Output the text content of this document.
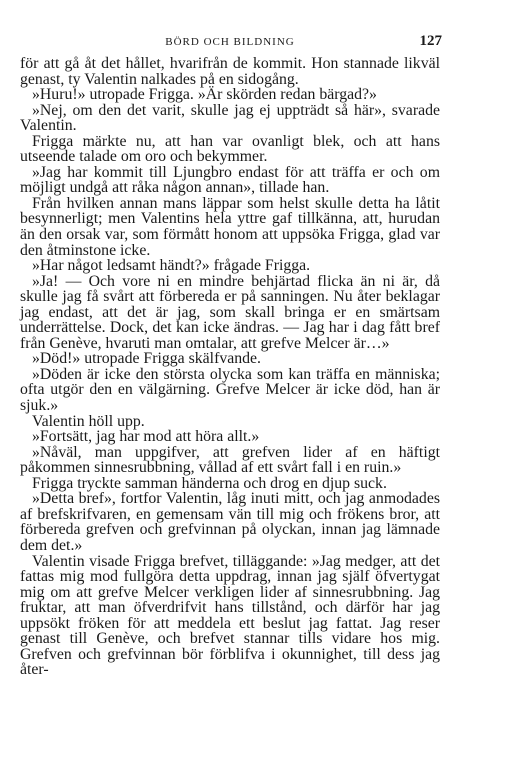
BÖRD OCH BILDNING	127

för att gå åt det hållet, hvarifrån de kommit. Hon stannade likväl genast, ty Valentin nalkades på en sidogång.

»Huru!» utropade Frigga. »Är skörden redan bärgad?»

»Nej, om den det varit, skulle jag ej uppträdt så här», svarade Valentin.

Frigga märkte nu, att han var ovanligt blek, och att hans utseende talade om oro och bekymmer.

»Jag har kommit till Ljungbro endast för att träffa er och om möjligt undgå att råka någon annan», tillade han.

Från hvilken annan mans läppar som helst skulle detta ha låtit besynnerligt; men Valentins hela yttre gaf tillkänna, att, hurudan än den orsak var, som förmått honom att uppsöka Frigga, glad var den åtminstone icke.

»Har något ledsamt händt?» frågade Frigga.

»Ja! — Och vore ni en mindre behjärtad flicka än ni är, då skulle jag få svårt att förbereda er på sanningen. Nu åter beklagar jag endast, att det är jag, som skall bringa er en smärtsam underrättelse. Dock, det kan icke ändras. — Jag har i dag fått bref från Genève, hvaruti man omtalar, att grefve Melcer är…»

»Död!» utropade Frigga skälfvande.

»Döden är icke den största olycka som kan träffa en människa; ofta utgör den en välgärning. Grefve Melcer är icke död, han är sjuk.»

Valentin höll upp.

»Fortsätt, jag har mod att höra allt.»

»Nåväl, man uppgifver, att grefven lider af en häftigt påkommen sinnesrubbning, vållad af ett svårt fall i en ruin.»

Frigga tryckte samman händerna och drog en djup suck.

»Detta bref», fortfor Valentin, låg inuti mitt, och jag anmodades af brefskrifvaren, en gemensam vän till mig och frökens bror, att förbereda grefven och grefvinnan på olyckan, innan jag lämnade dem det.»

Valentin visade Frigga brefvet, tilläggande: »Jag medger, att det fattas mig mod fullgöra detta uppdrag, innan jag själf öfvertygat mig om att grefve Melcer verkligen lider af sinnesrubbning. Jag fruktar, att man öfverdrifvit hans tillstånd, och därför har jag uppsökt fröken för att meddela ett beslut jag fattat. Jag reser genast till Genève, och brefvet stannar tills vidare hos mig. Grefven och grefvinnan bör förblifva i okunnighet, till dess jag åter-
